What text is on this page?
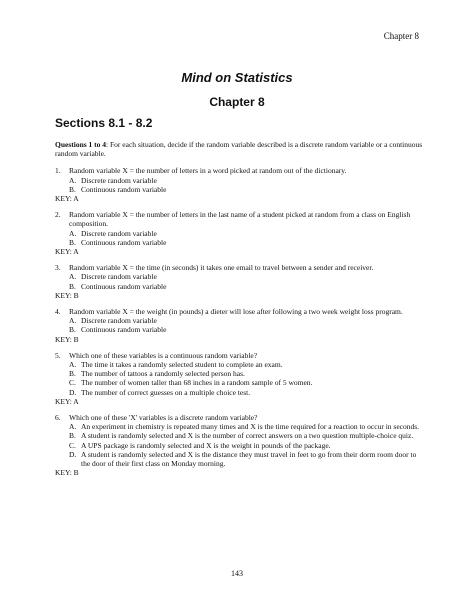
Chapter 8
Mind on Statistics
Chapter 8
Sections 8.1 - 8.2

Questions 1 to 4: For each situation, decide if the random variable described is a discrete random variable or a continuous random variable.

1. Random variable X = the number of letters in a word picked at random out of the dictionary.
A. Discrete random variable
B. Continuous random variable

KEY: A

2. Random variable X = the number of letters in the last name of a student picked at random from a class on English composition.
A. Discrete random variable
B. Continuous random variable

KEY: A

3. Random variable X = the time (in seconds) it takes one email to travel between a sender and receiver.
A. Discrete random variable
B. Continuous random variable

KEY: B

4. Random variable X = the weight (in pounds) a dieter will lose after following a two week weight loss program.
A. Discrete random variable
B. Continuous random variable

KEY: B

5. Which one of these variables is a continuous random variable?
A. The time it takes a randomly selected student to complete an exam.
B. The number of tattoos a randomly selected person has.
C. The number of women taller than 68 inches in a random sample of 5 women.
D. The number of correct guesses on a multiple choice test.

KEY: A

6. Which one of these 'X' variables is a discrete random variable?
A. An experiment in chemistry is repeated many times and X is the time required for a reaction to occur in seconds.
B. A student is randomly selected and X is the number of correct answers on a two question multiple-choice quiz.
C. A UPS package is randomly selected and X is the weight in pounds of the package.
D. A student is randomly selected and X is the distance they must travel in feet to go from their dorm room door to the door of their first class on Monday morning.

KEY: B

143
